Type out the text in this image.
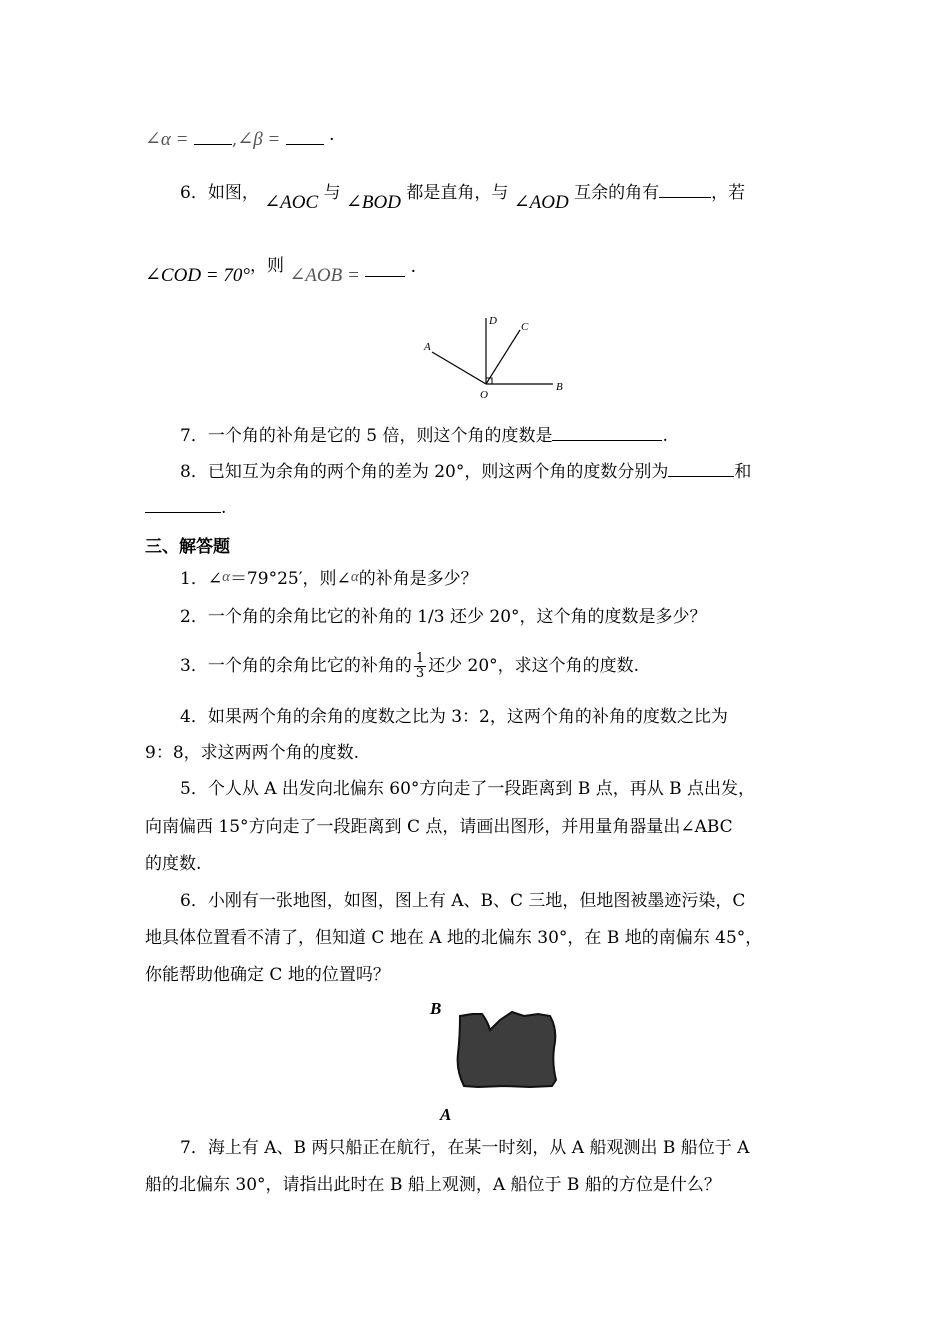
∠α =	,∠β =	·
6．如图， ∠AOC 与 ∠BOD 都是直角，与 ∠AOD 互余的角有	，若
∠COD = 70°，则 ∠AOB =	·
A
D C
B
O
7．一个角的补角是它的 5 倍，则这个角的度数是	.
8．已知互为余角的两个角的差为 20°，则这两个角的度数分别为	和
.
三、解答题
1．∠α＝79°25′，则∠α的补角是多少？
2．一个角的余角比它的补角的 1/3 还少 20°，这个角的度数是多少？
3．一个角的余角比它的补角的 $\frac{1}{3}$ 还少 20°，求这个角的度数.
4．如果两个角的余角的度数之比为 3：2，这两个角的补角的度数之比为
9：8，求这两两个角的度数.
5．个人从 A 出发向北偏东 60°方向走了一段距离到 B 点，再从 B 点出发，
向南偏西 15°方向走了一段距离到 C 点，请画出图形，并用量角器量出∠ABC
的度数.
6．小刚有一张地图，如图，图上有 A、B、C 三地，但地图被墨迹污染，C
地具体位置看不清了，但知道 C 地在 A 地的北偏东 30°，在 B 地的南偏东 45°，
你能帮助他确定 C 地的位置吗？
B
A
7．海上有 A、B 两只船正在航行，在某一时刻，从 A 船观测出 B 船位于 A
船的北偏东 30°，请指出此时在 B 船上观测，A 船位于 B 船的方位是什么？
